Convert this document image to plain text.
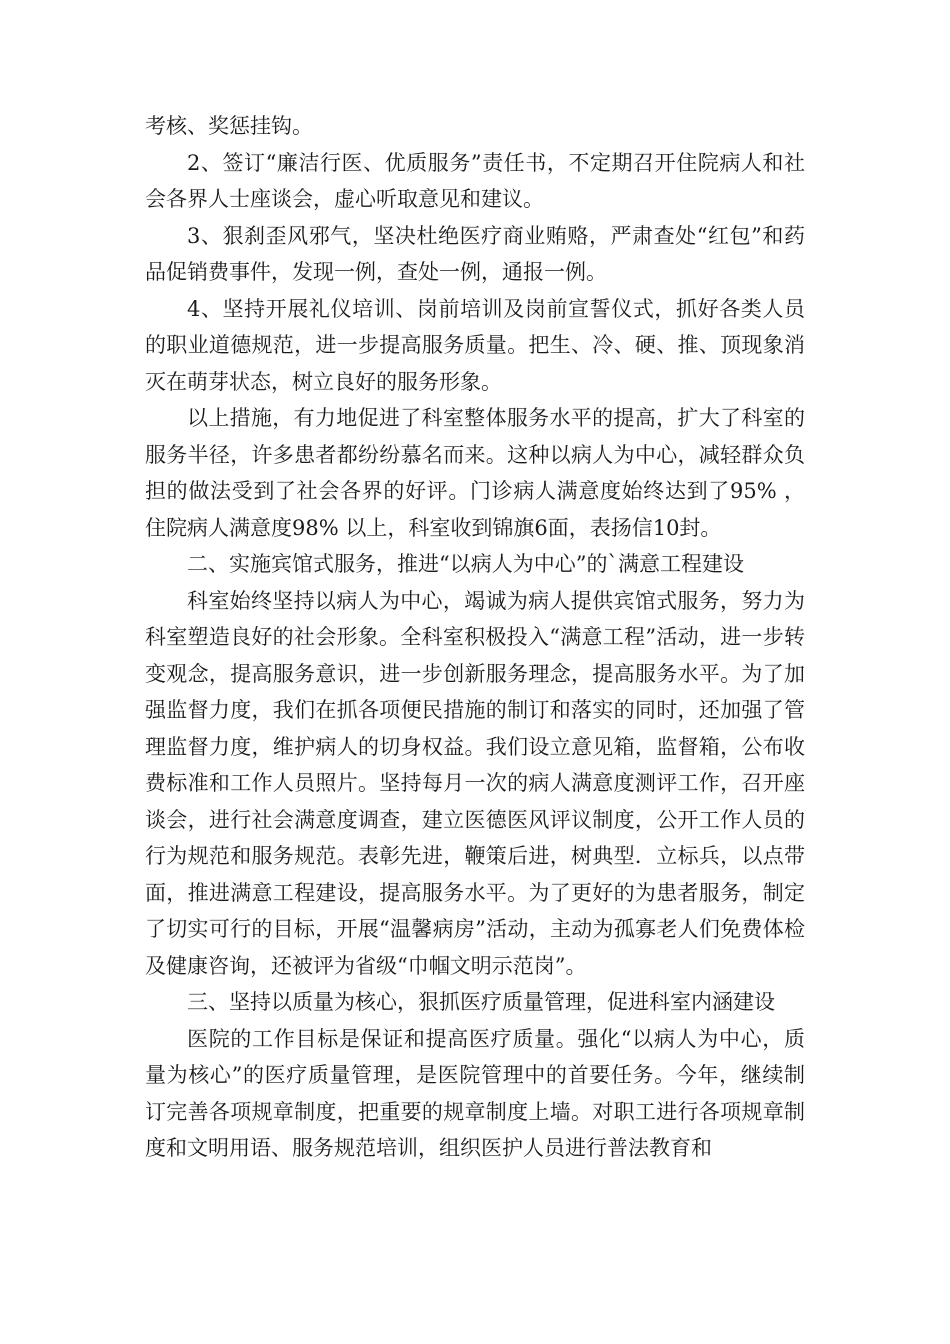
考核、奖惩挂钩。

2、签订“廉洁行医、优质服务”责任书，不定期召开住院病人和社会各界人士座谈会，虚心听取意见和建议。

3、狠刹歪风邪气，坚决杜绝医疗商业贿赂，严肃查处“红包”和药品促销费事件，发现一例，查处一例，通报一例。

4、坚持开展礼仪培训、岗前培训及岗前宣誓仪式，抓好各类人员的职业道德规范，进一步提高服务质量。把生、冷、硬、推、顶现象消灭在萌芽状态，树立良好的服务形象。

以上措施，有力地促进了科室整体服务水平的提高，扩大了科室的服务半径，许多患者都纷纷慕名而来。这种以病人为中心，减轻群众负担的做法受到了社会各界的好评。门诊病人满意度始终达到了95% ，住院病人满意度98% 以上，科室收到锦旗6面，表扬信10封。

二、实施宾馆式服务，推进“以病人为中心”的`满意工程建设

科室始终坚持以病人为中心，竭诚为病人提供宾馆式服务，努力为科室塑造良好的社会形象。全科室积极投入“满意工程”活动，进一步转变观念，提高服务意识，进一步创新服务理念，提高服务水平。为了加强监督力度，我们在抓各项便民措施的制订和落实的同时，还加强了管理监督力度，维护病人的切身权益。我们设立意见箱，监督箱，公布收费标准和工作人员照片。坚持每月一次的病人满意度测评工作，召开座谈会，进行社会满意度调查，建立医德医风评议制度，公开工作人员的行为规范和服务规范。表彰先进，鞭策后进，树典型．立标兵，以点带面，推进满意工程建设，提高服务水平。为了更好的为患者服务，制定了切实可行的目标，开展“温馨病房”活动，主动为孤寡老人们免费体检及健康咨询，还被评为省级“巾帼文明示范岗”。

三、坚持以质量为核心，狠抓医疗质量管理，促进科室内涵建设

医院的工作目标是保证和提高医疗质量。强化“以病人为中心，质量为核心”的医疗质量管理，是医院管理中的首要任务。今年，继续制订完善各项规章制度，把重要的规章制度上墙。对职工进行各项规章制度和文明用语、服务规范培训，组织医护人员进行普法教育和
